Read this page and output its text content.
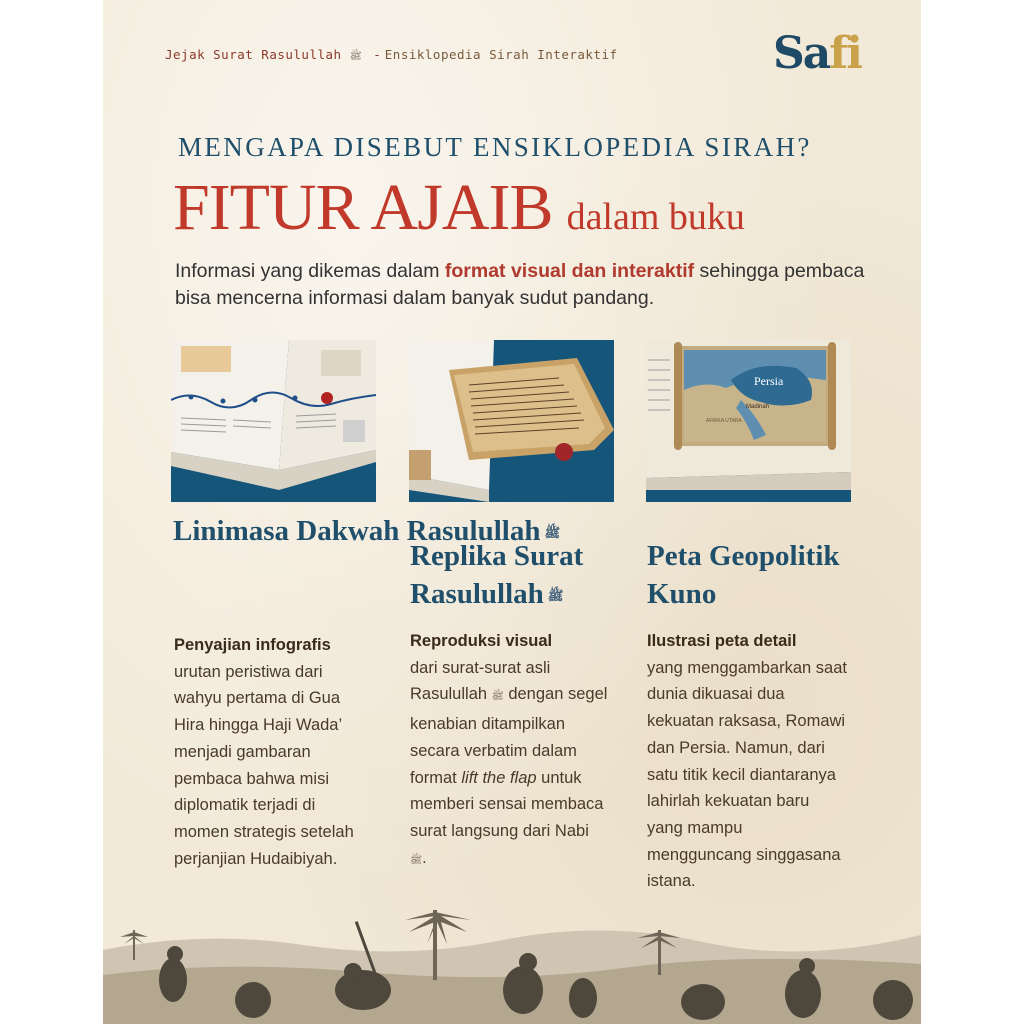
Jejak Surat Rasulullah ﷺ - Ensiklopedia Sirah Interaktif	Safi
MENGAPA DISEBUT ENSIKLOPEDIA SIRAH?
FITUR AJAIB dalam buku
Informasi yang dikemas dalam format visual dan interaktif sehingga pembaca bisa mencerna informasi dalam banyak sudut pandang.
Persia
Madinah
AFRIKA UTARA
Linimasa Dakwah Rasulullah ﷺ
Penyajian infografis
urutan peristiwa dari wahyu pertama di Gua Hira hingga Haji Wada’ menjadi gambaran pembaca bahwa misi diplomatik terjadi di momen strategis setelah perjanjian Hudaibiyah.
Replika Surat Rasulullah ﷺ
Reproduksi visual
dari surat-surat asli Rasulullah ﷺ dengan segel kenabian ditampilkan secara verbatim dalam format lift the flap untuk memberi sensai membaca surat langsung dari Nabi ﷺ.
Peta Geopolitik Kuno
Ilustrasi peta detail
yang menggambarkan saat dunia dikuasai dua kekuatan raksasa, Romawi dan Persia. Namun, dari satu titik kecil diantaranya lahirlah kekuatan baru yang mampu mengguncang singgasana istana.
